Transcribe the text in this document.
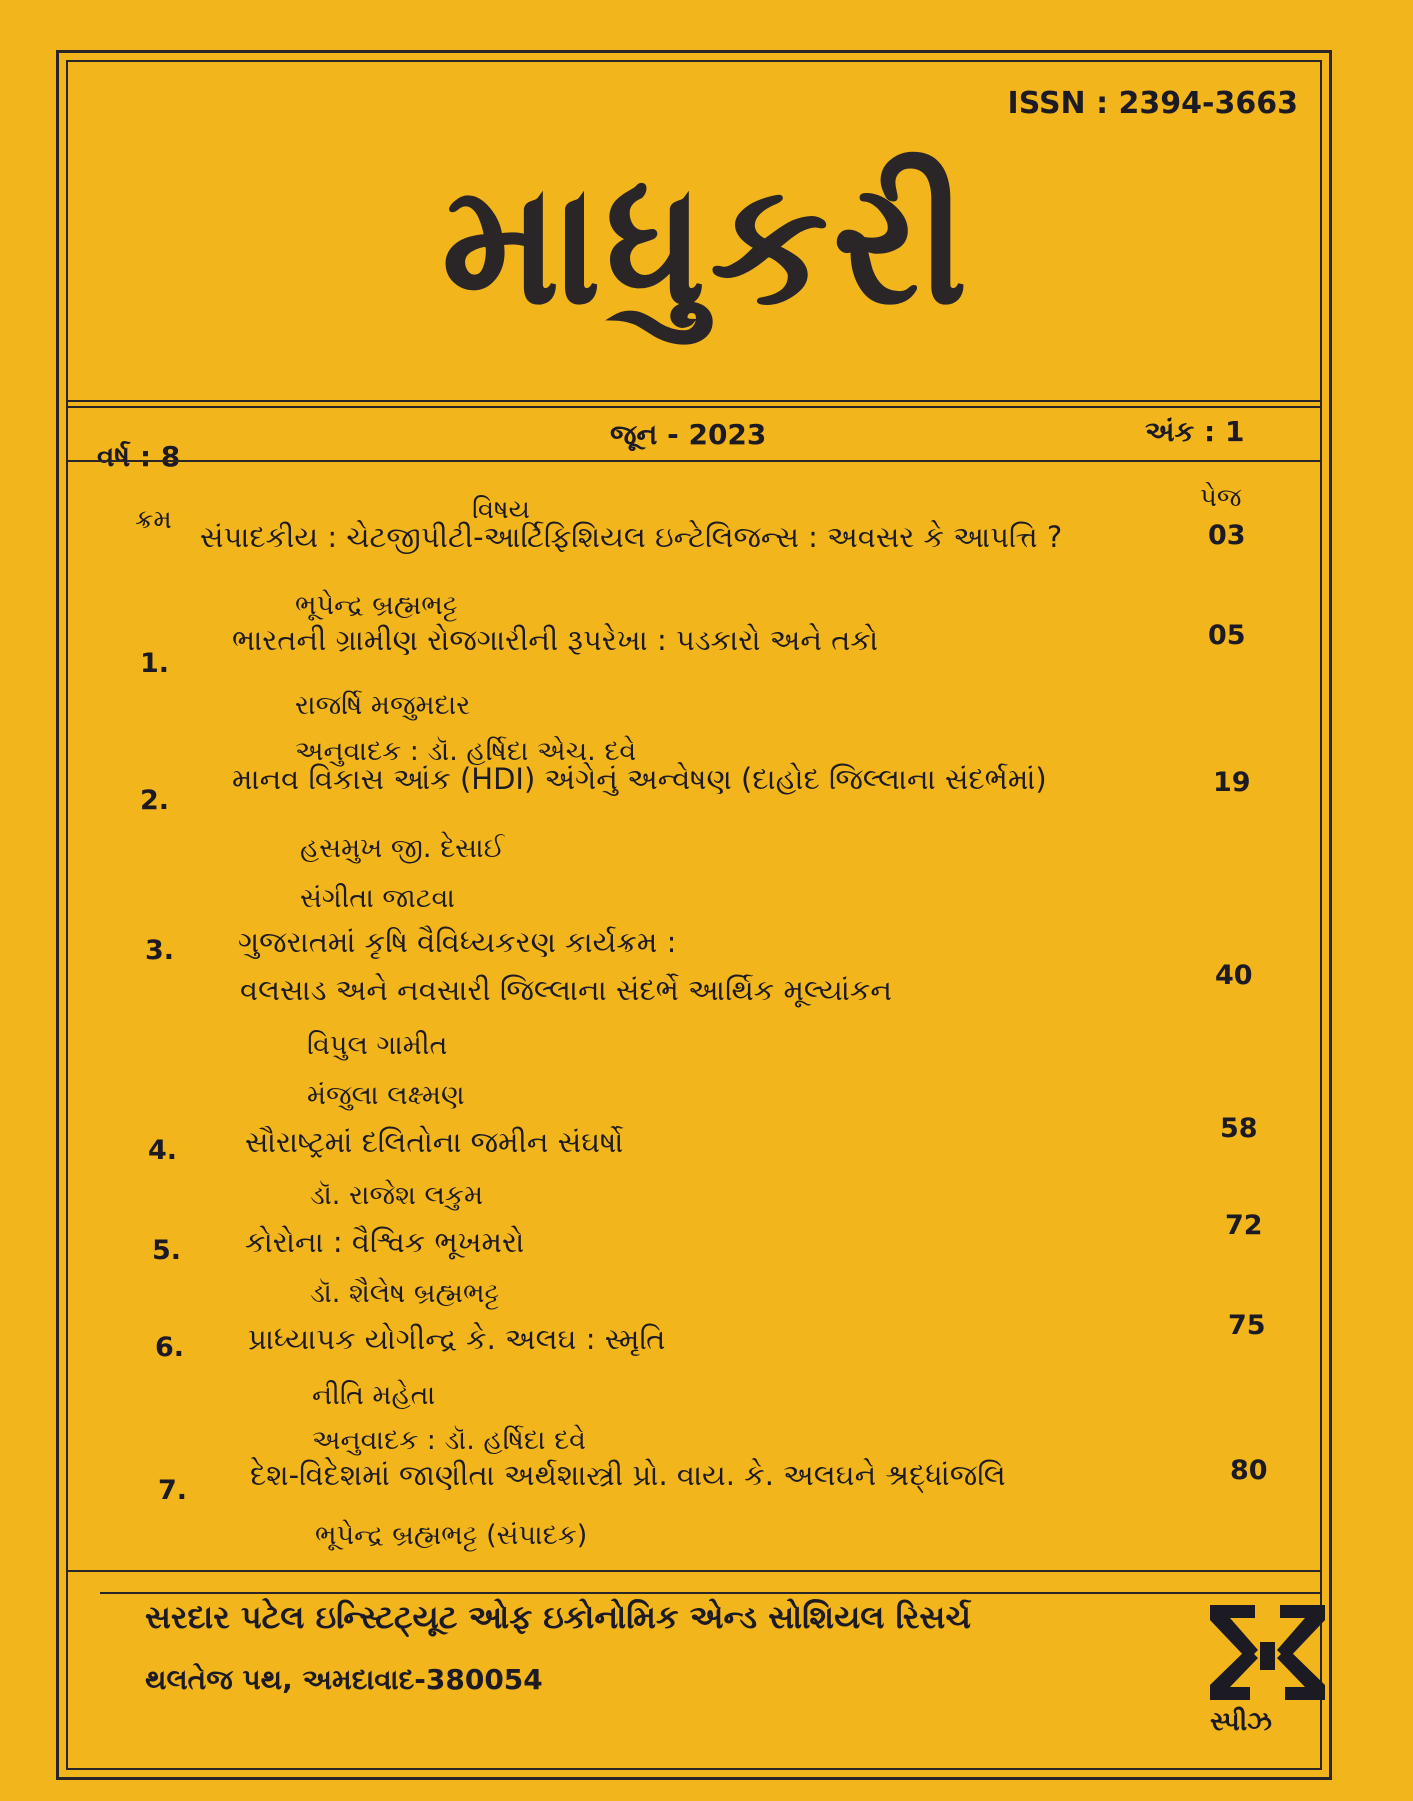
ISSN : 2394-3663
માધુકરી
વર્ષ : 8
જૂન - 2023	અંક : 1
ક્રમ	વિષય	પેજ
સંપાદકીય : ચેટજીપીટી-આર્ટિફિશિયલ ઇન્ટેલિજન્સ : અવસર કે આપત્તિ ?	03
ભૂપેન્દ્ર બ્રહ્મભટ્ટ
1.
ભારતની ગ્રામીણ રોજગારીની રૂપરેખા : પડકારો અને તકો	05
રાજર્ષિ મજુમદાર
અનુવાદક : ડૉ. હર્ષિદા એચ. દવે
2.
માનવ વિકાસ આંક (HDI) અંગેનું અન્વેષણ (દાહોદ જિલ્લાના સંદર્ભમાં)	19
હસમુખ જી. દેસાઈ
સંગીતા જાટવા
3. ગુજરાતમાં કૃષિ વૈવિધ્યકરણ કાર્યક્રમ :
વલસાડ અને નવસારી જિલ્લાના સંદર્ભે આર્થિક મૂલ્યાંકન	40
વિપુલ ગામીત
મંજુલા લક્ષ્મણ
4. સૌરાષ્ટ્રમાં દલિતોના જમીન સંઘર્ષો	58
ડૉ. રાજેશ લકુમ
5. કોરોના : વૈશ્વિક ભૂખમરો	72
ડૉ. શૈલેષ બ્રહ્મભટ્ટ
6. પ્રાધ્યાપક યોગીન્દ્ર કે. અલઘ : સ્મૃતિ	75
નીતિ મહેતા
અનુવાદક : ડૉ. હર્ષિદા દવે
7. દેશ-વિદેશમાં જાણીતા અર્થશાસ્ત્રી પ્રો. વાય. કે. અલઘને શ્રદ્ધાંજલિ	80
ભૂપેન્દ્ર બ્રહ્મભટ્ટ (સંપાદક)
સરદાર પટેલ ઇન્સ્ટિટ્યૂટ ઓફ ઇકોનોમિક એન્ડ સોશિયલ રિસર્ચ
થલતેજ પથ, અમદાવાદ-380054
સ્પીઝ
